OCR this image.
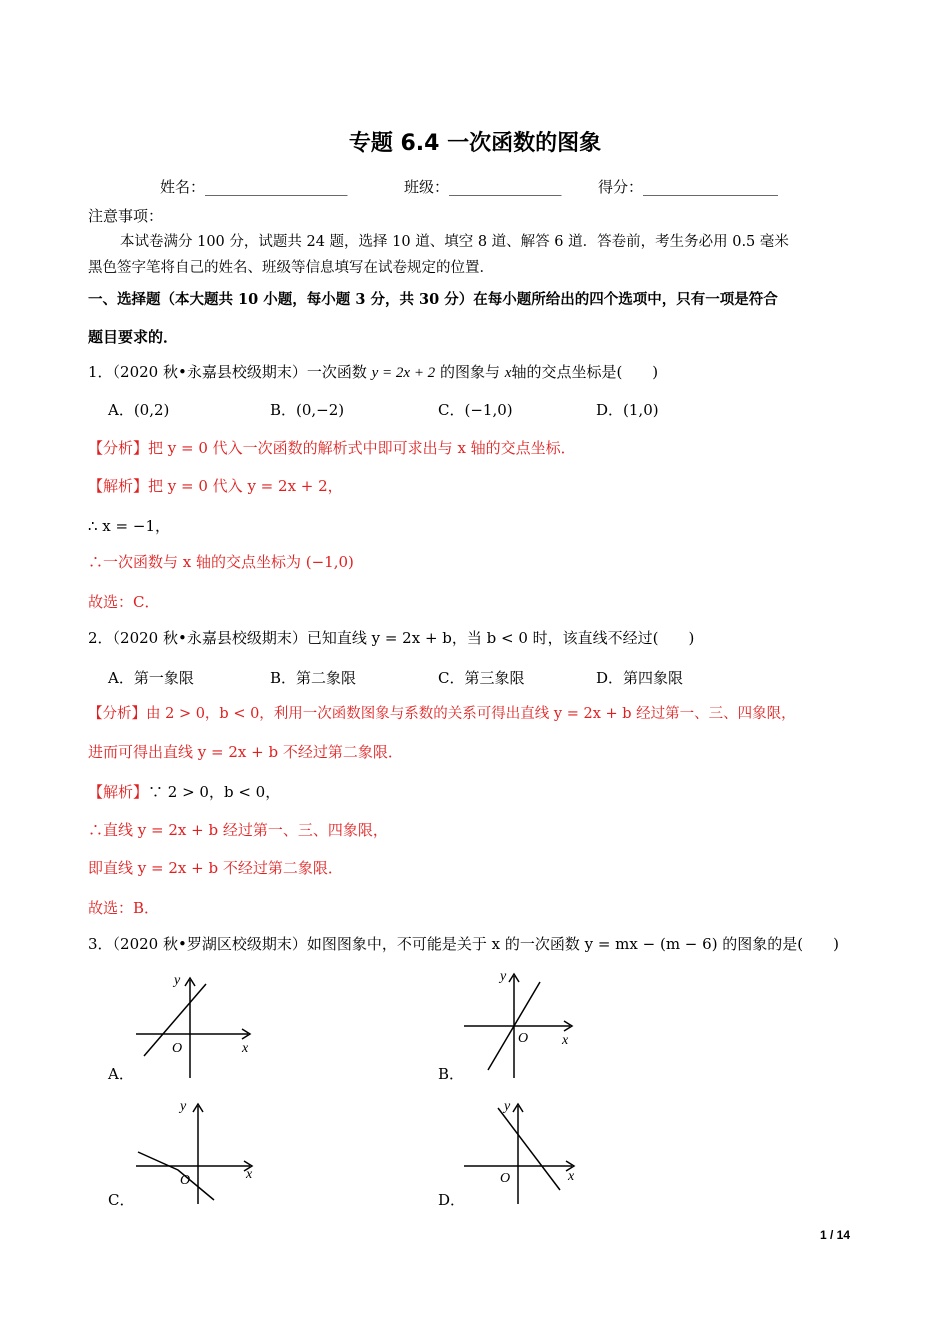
专题 6.4 一次函数的图象
姓名：___________________	班级：_______________ 得分：__________________
注意事项：
本试卷满分 100 分，试题共 24 题，选择 10 道、填空 8 道、解答 6 道．答卷前，考生务必用 0.5 毫米
黑色签字笔将自己的姓名、班级等信息填写在试卷规定的位置．
一、选择题（本大题共 10 小题，每小题 3 分，共 30 分）在每小题所给出的四个选项中，只有一项是符合
题目要求的．
1．（2020 秋•永嘉县校级期末）一次函数 y = 2x + 2 的图象与 x轴的交点坐标是(　　)
A．(0,2)	B．(0,−2)	C．(−1,0)	D．(1,0)
【分析】把 y = 0 代入一次函数的解析式中即可求出与 x 轴的交点坐标．
【解析】把 y = 0 代入 y = 2x + 2，
∴ x = −1，
∴一次函数与 x 轴的交点坐标为 (−1,0)
故选：C．
2．（2020 秋•永嘉县校级期末）已知直线 y = 2x + b，当 b < 0 时，该直线不经过(　　)
A．第一象限	B．第二象限	C．第三象限	D．第四象限
【分析】由 2 > 0，b < 0，利用一次函数图象与系数的关系可得出直线 y = 2x + b 经过第一、三、四象限，
进而可得出直线 y = 2x + b 不经过第二象限．
【解析】∵ 2 > 0，b < 0，
∴直线 y = 2x + b 经过第一、三、四象限，
即直线 y = 2x + b 不经过第二象限．
故选：B．
3．（2020 秋•罗湖区校级期末）如图图象中，不可能是关于 x 的一次函数 y = mx − (m − 6) 的图象的是(　　)
A．	B．
C．	D．
y
x
O
y
x
O
y
x
O
y
x
O
1 / 14
